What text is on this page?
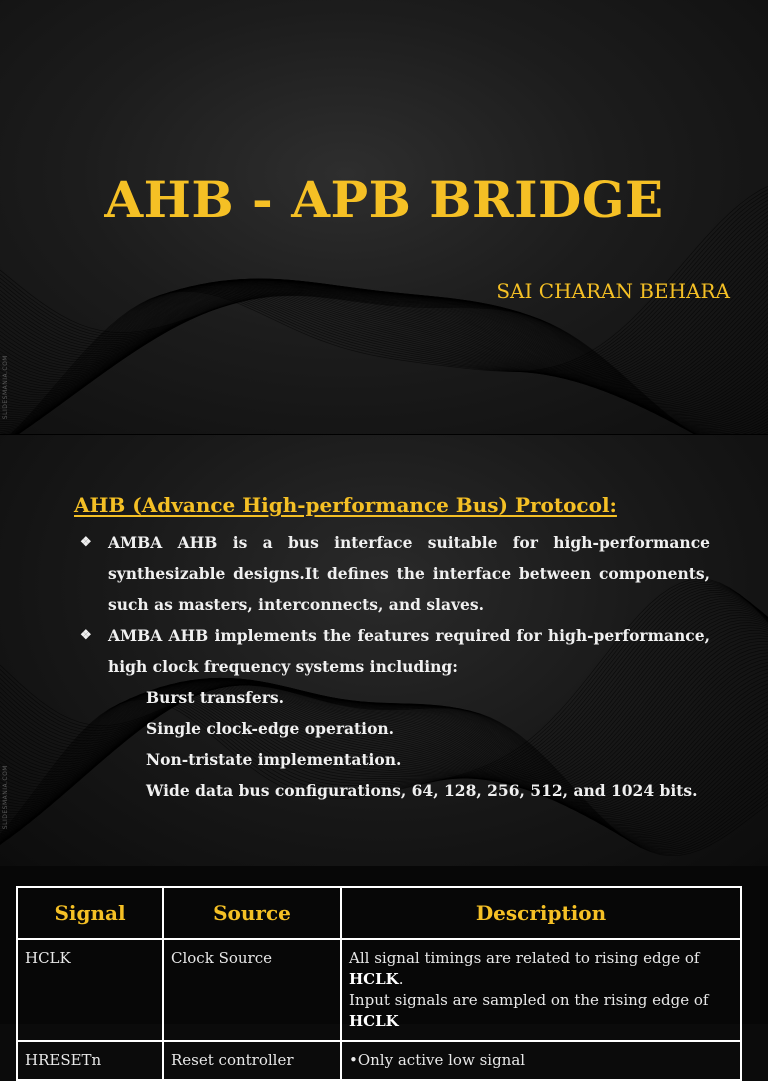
SLIDESMANIA.COM
AHB - APB BRIDGE
SAI CHARAN BEHARA
SLIDESMANIA.COM
AHB (Advance High-performance Bus) Protocol:
❖	AMBA AHB is a bus interface suitable for high-performance synthesizable designs.It defines the interface between components, such as masters, interconnects, and slaves.
❖	AMBA AHB implements the features required for high-performance, high clock frequency systems including:
Burst transfers.
Single clock-edge operation.
Non-tristate implementation.
Wide data bus configurations, 64, 128, 256, 512, and 1024 bits.
Signal	Source	Description
HCLK	Clock Source	All signal timings are related to rising edge of HCLK.
Input signals are sampled on the rising edge of HCLK
HRESETn	Reset controller	•Only active low signal
